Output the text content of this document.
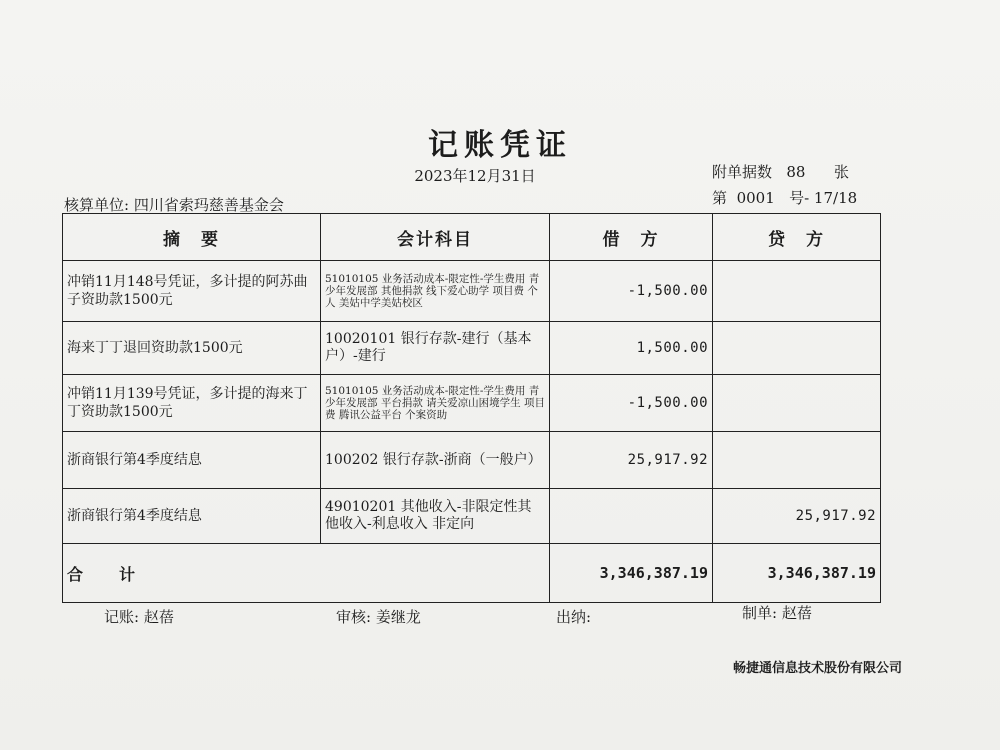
记账凭证
2023年12月31日	附单据数 88 张
第 0001 号- 17/18
核算单位: 四川省索玛慈善基金会
摘　要	会计科目	借　方	贷　方
冲销11月148号凭证，多计提的阿苏曲子资助款1500元	51010105 业务活动成本-限定性-学生费用 青少年发展部 其他捐款 线下爱心助学 项目费 个人 美姑中学美姑校区	-1,500.00	
海来丁丁退回资助款1500元	10020101 银行存款-建行（基本户）-建行	1,500.00	
冲销11月139号凭证，多计提的海来丁丁资助款1500元	51010105 业务活动成本-限定性-学生费用 青少年发展部 平台捐款 请关爱凉山困境学生 项目费 腾讯公益平台 个案资助	-1,500.00	
浙商银行第4季度结息	100202 银行存款-浙商（一般户）	25,917.92	
浙商银行第4季度结息	49010201 其他收入-非限定性其他收入-利息收入 非定向		25,917.92
合　计		3,346,387.19	3,346,387.19
记账: 赵蓓	审核: 姜继龙	出纳:	制单: 赵蓓
畅捷通信息技术股份有限公司
